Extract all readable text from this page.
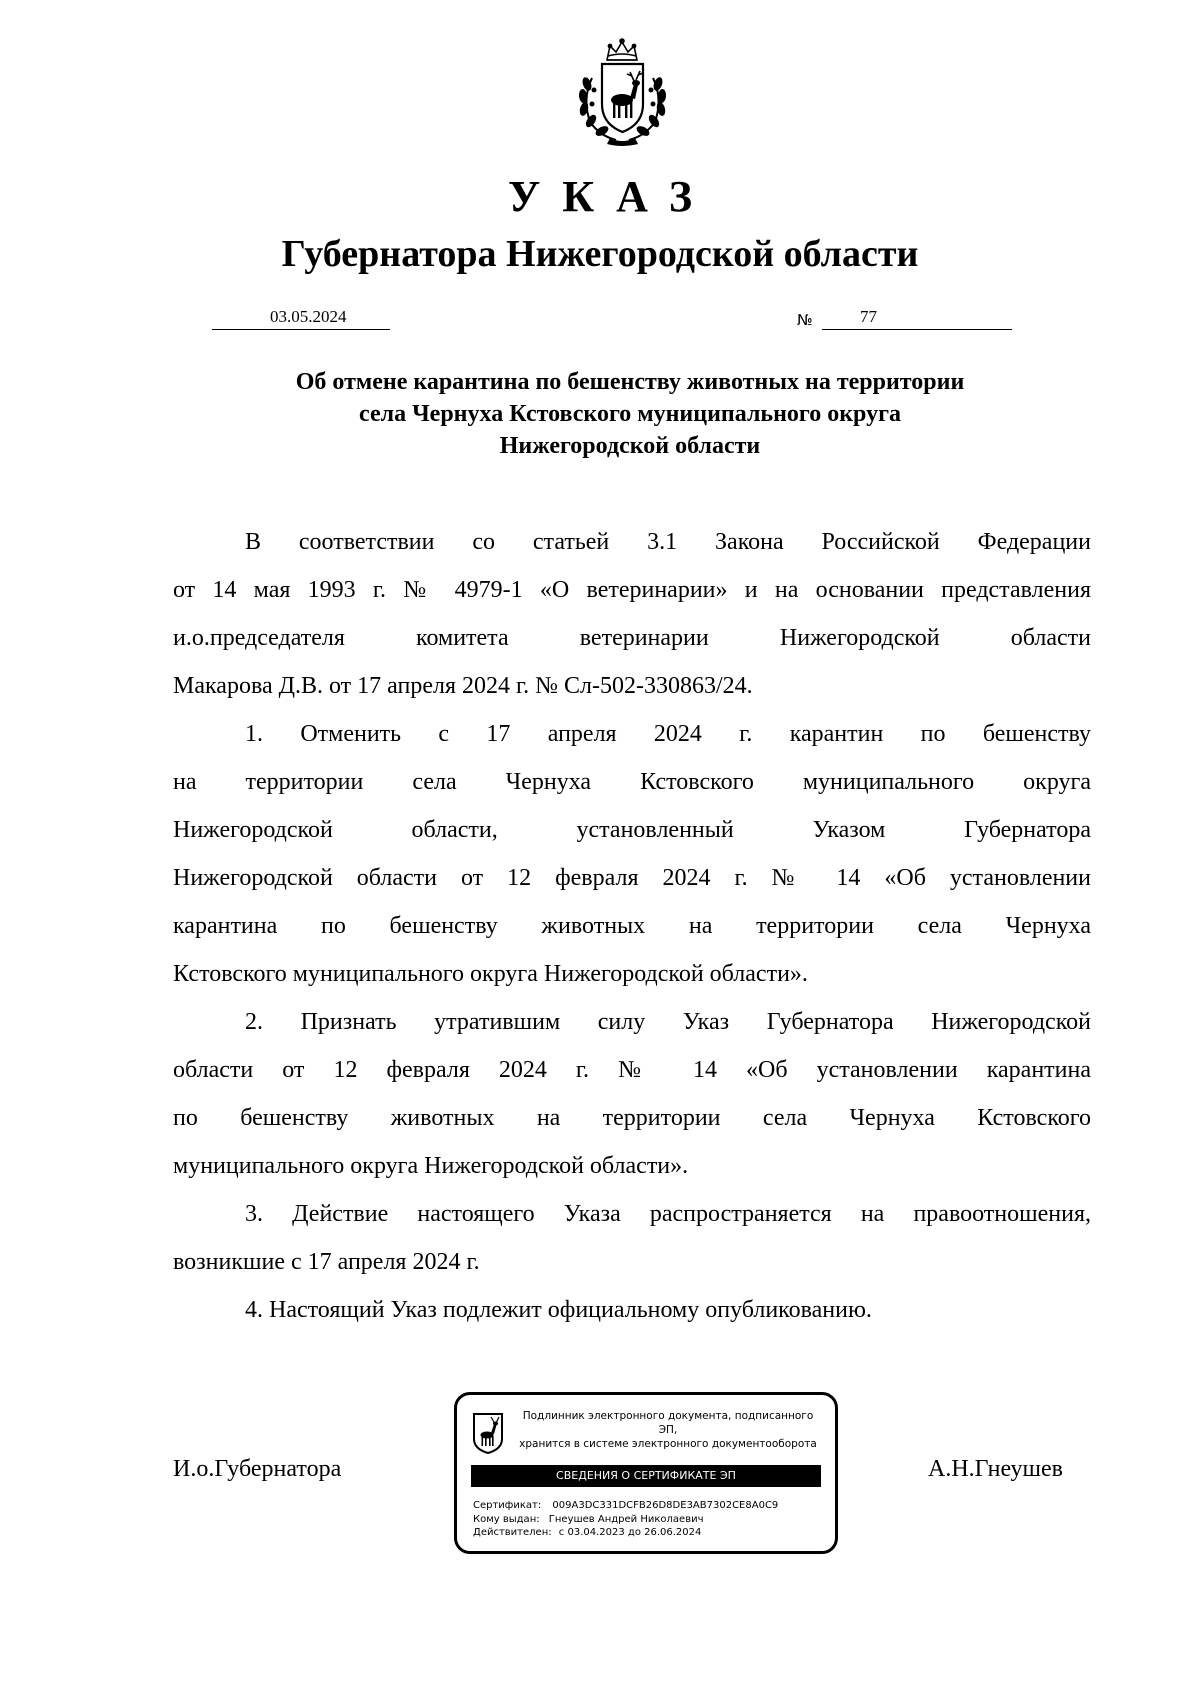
УКАЗ
Губернатора Нижегородской области
03.05.2024	№	77
Об отмене карантина по бешенству животных на территории
села Чернуха Кстовского муниципального округа
Нижегородской области
В соответствии со статьей 3.1 Закона Российской Федерации
от 14 мая 1993 г. № 4979-1 «О ветеринарии» и на основании представления
и.о.председателя комитета ветеринарии Нижегородской области
Макарова Д.В. от 17 апреля 2024 г. № Сл-502-330863/24.
1. Отменить с 17 апреля 2024 г. карантин по бешенству
на территории села Чернуха Кстовского муниципального округа
Нижегородской области, установленный Указом Губернатора
Нижегородской области от 12 февраля 2024 г. № 14 «Об установлении
карантина по бешенству животных на территории села Чернуха
Кстовского муниципального округа Нижегородской области».
2. Признать утратившим силу Указ Губернатора Нижегородской
области от 12 февраля 2024 г. № 14 «Об установлении карантина
по бешенству животных на территории села Чернуха Кстовского
муниципального округа Нижегородской области».
3. Действие настоящего Указа распространяется на правоотношения,
возникшие с 17 апреля 2024 г.
4. Настоящий Указ подлежит официальному опубликованию.
И.о.Губернатора	А.Н.Гнеушев
Подлинник электронного документа, подписанного ЭП,
хранится в системе электронного документооборота
СВЕДЕНИЯ О СЕРТИФИКАТЕ ЭП
Сертификат: 009A3DC331DCFB26D8DE3AB7302CE8A0C9
Кому выдан: Гнеушев Андрей Николаевич
Действителен: с 03.04.2023 до 26.06.2024
